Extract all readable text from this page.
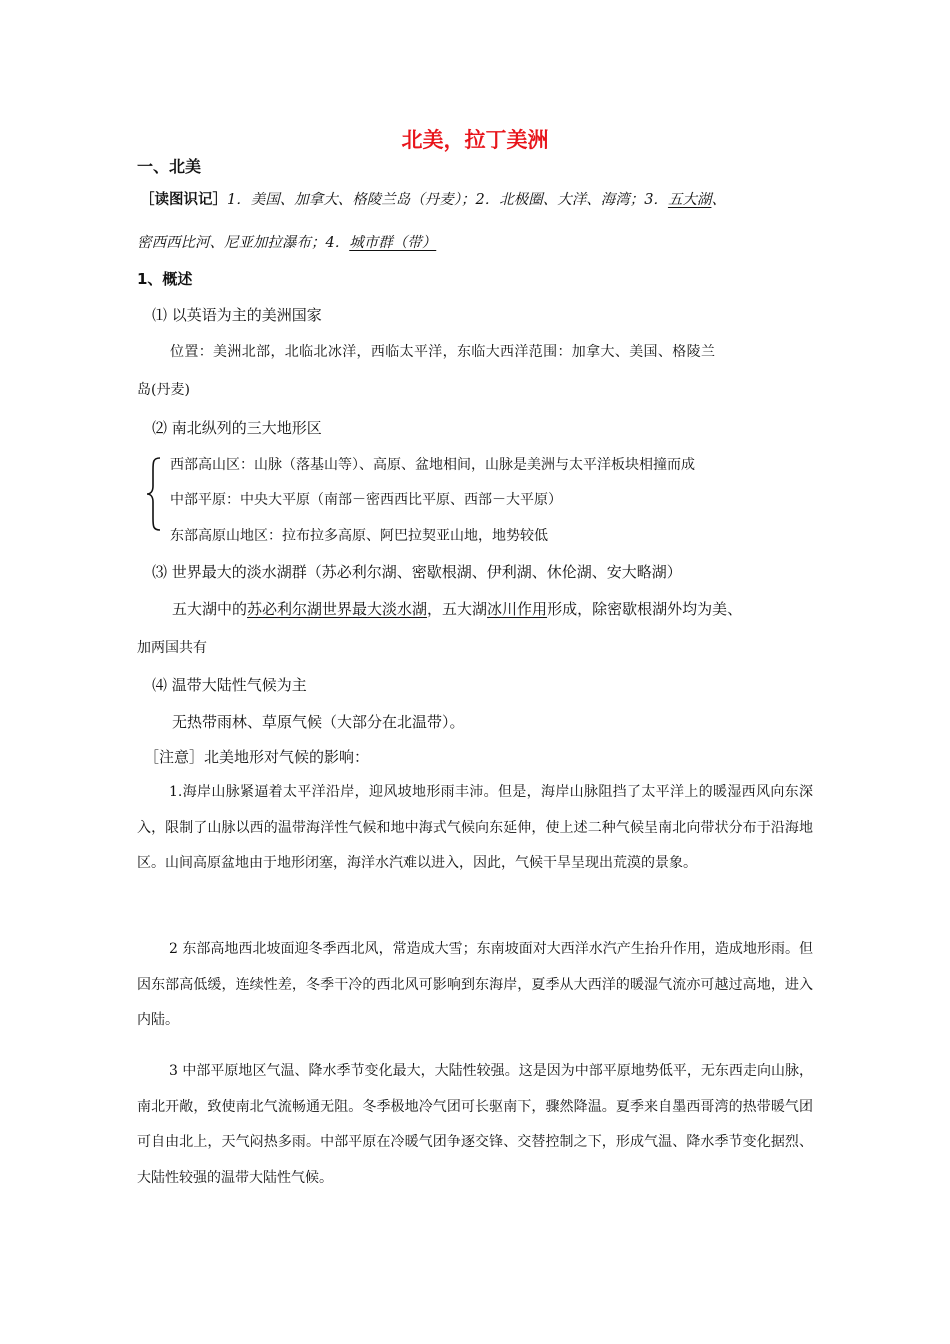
北美，拉丁美洲
一、北美
［读图识记］1．美国、加拿大、格陵兰岛（丹麦）；2．北极圈、大洋、海湾；3．五大湖、
密西西比河、尼亚加拉瀑布；4．城市群（带）
1、概述
⑴ 以英语为主的美洲国家
位置：美洲北部，北临北冰洋，西临太平洋，东临大西洋范围：加拿大、美国、格陵兰
岛(丹麦)
⑵ 南北纵列的三大地形区
西部高山区：山脉（落基山等）、高原、盆地相间，山脉是美洲与太平洋板块相撞而成
中部平原：中央大平原（南部－密西西比平原、西部－大平原）
东部高原山地区：拉布拉多高原、阿巴拉契亚山地，地势较低
⑶ 世界最大的淡水湖群（苏必利尔湖、密歇根湖、伊利湖、休伦湖、安大略湖）
五大湖中的苏必利尔湖世界最大淡水湖，五大湖冰川作用形成，除密歇根湖外均为美、
加两国共有
⑷ 温带大陆性气候为主
无热带雨林、草原气候（大部分在北温带）。
［注意］北美地形对气候的影响：
1.海岸山脉紧逼着太平洋沿岸，迎风坡地形雨丰沛。但是，海岸山脉阻挡了太平洋上的暖湿西风向东深入，限制了山脉以西的温带海洋性气候和地中海式气候向东延伸，使上述二种气候呈南北向带状分布于沿海地区。山间高原盆地由于地形闭塞，海洋水汽难以进入，因此，气候干旱呈现出荒漠的景象。
2 东部高地西北坡面迎冬季西北风，常造成大雪；东南坡面对大西洋水汽产生抬升作用，造成地形雨。但因东部高低缓，连续性差，冬季干冷的西北风可影响到东海岸，夏季从大西洋的暖湿气流亦可越过高地，进入内陆。
3 中部平原地区气温、降水季节变化最大，大陆性较强。这是因为中部平原地势低平，无东西走向山脉，南北开敞，致使南北气流畅通无阻。冬季极地冷气团可长驱南下，骤然降温。夏季来自墨西哥湾的热带暖气团可自由北上，天气闷热多雨。中部平原在冷暖气团争逐交锋、交替控制之下，形成气温、降水季节变化据烈、大陆性较强的温带大陆性气候。
